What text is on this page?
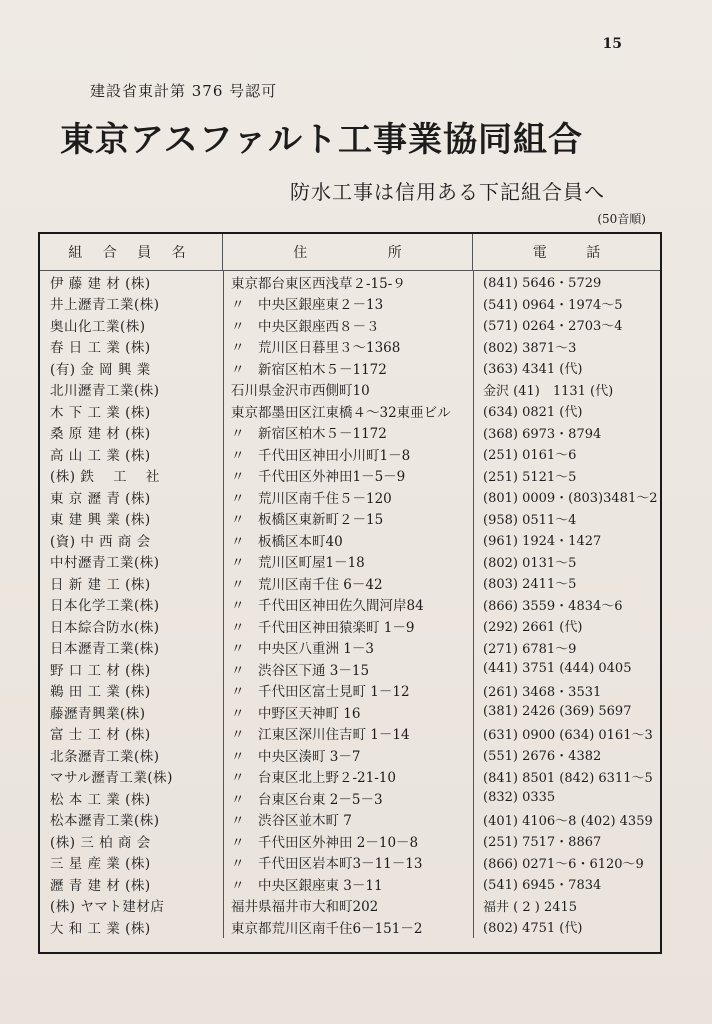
15
建設省東計第 376 号認可
東京アスファルト工事業協同組合
防水工事は信用ある下記組合員へ
(50音順)
組 合 員 名	住	所	電	話
伊 藤 建 材 (株)	東京都台東区西浅草２-15-９	(841) 5646・5729
井上瀝青工業(株)	〃　中央区銀座東２－13	(541) 0964・1974～5
奥山化工業(株)	〃　中央区銀座西８－３	(571) 0264・2703～4
春 日 工 業 (株)	〃　荒川区日暮里３～1368	(802) 3871～3
(有) 金 岡 興 業	〃　新宿区柏木５－1172	(363) 4341 (代)
北川瀝青工業(株)	石川県金沢市西側町10	金沢 (41)　1131 (代)
木 下 工 業 (株)	東京都墨田区江東橋４～32東亜ビル	(634) 0821 (代)
桑 原 建 材 (株)	〃　新宿区柏木５－1172	(368) 6973・8794
高 山 工 業 (株)	〃　千代田区神田小川町1－8	(251) 0161～6
(株) 鉄　 工　 社	〃　千代田区外神田1－5－9	(251) 5121～5
東 京 瀝 青 (株)	〃　荒川区南千住５－120	(801) 0009・(803)3481～2
東 建 興 業 (株)	〃　板橋区東新町２－15	(958) 0511～4
(資) 中 西 商 会	〃　板橋区本町40	(961) 1924・1427
中村瀝青工業(株)	〃　荒川区町屋1－18	(802) 0131～5
日 新 建 工 (株)	〃　荒川区南千住 6－42	(803) 2411～5
日本化学工業(株)	〃　千代田区神田佐久間河岸84	(866) 3559・4834～6
日本綜合防水(株)	〃　千代田区神田猿楽町 1－9	(292) 2661 (代)
日本瀝青工業(株)	〃　中央区八重洲 1－3	(271) 6781～9
野 口 工 材 (株)	〃　渋谷区下通 3－15	(441) 3751 (444) 0405
鵜 田 工 業 (株)	〃　千代田区富士見町 1－12	(261) 3468・3531
藤瀝青興業(株)	〃　中野区天神町 16	(381) 2426 (369) 5697
富 士 工 材 (株)	〃　江東区深川住吉町 1－14	(631) 0900 (634) 0161～3
北条瀝青工業(株)	〃　中央区湊町 3－7	(551) 2676・4382
マサル瀝青工業(株)	〃　台東区北上野２-21-10	(841) 8501 (842) 6311～5
松 本 工 業 (株)	〃　台東区台東 2－5－3	(832) 0335
松本瀝青工業(株)	〃　渋谷区並木町 7	(401) 4106～8 (402) 4359
(株) 三 柏 商 会	〃　千代田区外神田 2－10－8	(251) 7517・8867
三 星 産 業 (株)	〃　千代田区岩本町3－11－13	(866) 0271～6・6120～9
瀝 青 建 材 (株)	〃　中央区銀座東 3－11	(541) 6945・7834
(株) ヤマト建材店	福井県福井市大和町202	福井 ( 2 ) 2415
大 和 工 業 (株)	東京都荒川区南千住6－151－2	(802) 4751 (代)
